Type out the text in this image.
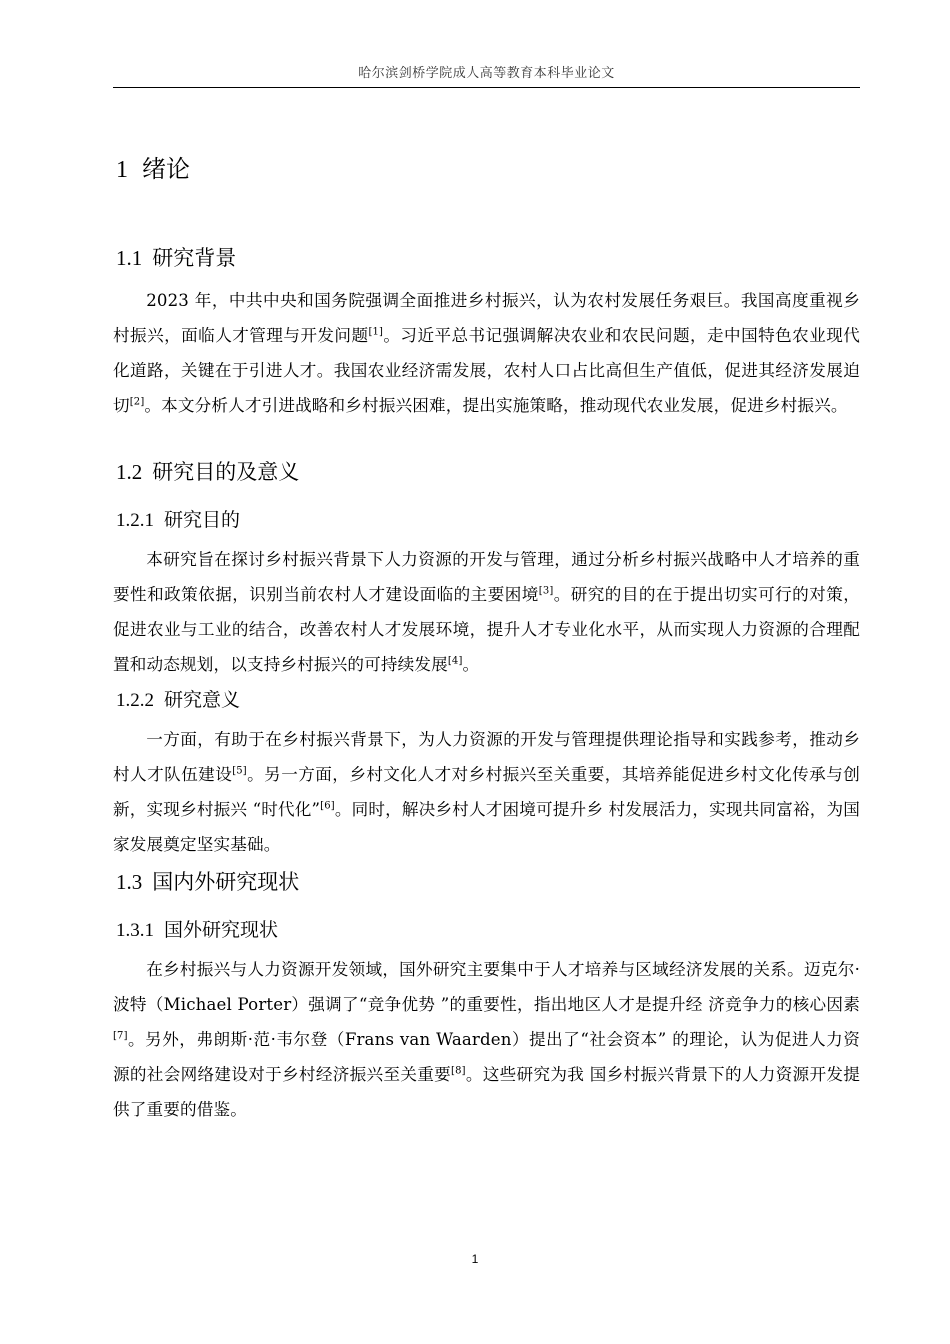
哈尔滨剑桥学院成人高等教育本科毕业论文
1 绪论
1.1 研究背景
2023 年，中共中央和国务院强调全面推进乡村振兴，认为农村发展任务艰巨。我国高度重视乡村振兴，面临人才管理与开发问题[1]。习近平总书记强调解决农业和农民问题，走中国特色农业现代化道路，关键在于引进人才。我国农业经济需发展，农村人口占比高但生产值低，促进其经济发展迫切[2]。本文分析人才引进战略和乡村振兴困难，提出实施策略，推动现代农业发展，促进乡村振兴。
1.2 研究目的及意义
1.2.1 研究目的
本研究旨在探讨乡村振兴背景下人力资源的开发与管理，通过分析乡村振兴战略中人才培养的重要性和政策依据，识别当前农村人才建设面临的主要困境[3]。研究的目的在于提出切实可行的对策，促进农业与工业的结合，改善农村人才发展环境，提升人才专业化水平，从而实现人力资源的合理配置和动态规划，以支持乡村振兴的可持续发展[4]。
1.2.2 研究意义
一方面，有助于在乡村振兴背景下，为人力资源的开发与管理提供理论指导和实践参考，推动乡村人才队伍建设[5]。另一方面，乡村文化人才对乡村振兴至关重要，其培养能促进乡村文化传承与创新，实现乡村振兴 “时代化”[6]。同时，解决乡村人才困境可提升乡 村发展活力，实现共同富裕，为国家发展奠定坚实基础。
1.3 国内外研究现状
1.3.1 国外研究现状
在乡村振兴与人力资源开发领域，国外研究主要集中于人才培养与区域经济发展的关系。迈克尔·波特（Michael Porter）强调了“竞争优势 ”的重要性，指出地区人才是提升经 济竞争力的核心因素[7]。另外，弗朗斯·范·韦尔登（Frans van Waarden）提出了“社会资本” 的理论，认为促进人力资源的社会网络建设对于乡村经济振兴至关重要[8]。这些研究为我 国乡村振兴背景下的人力资源开发提供了重要的借鉴。
1
